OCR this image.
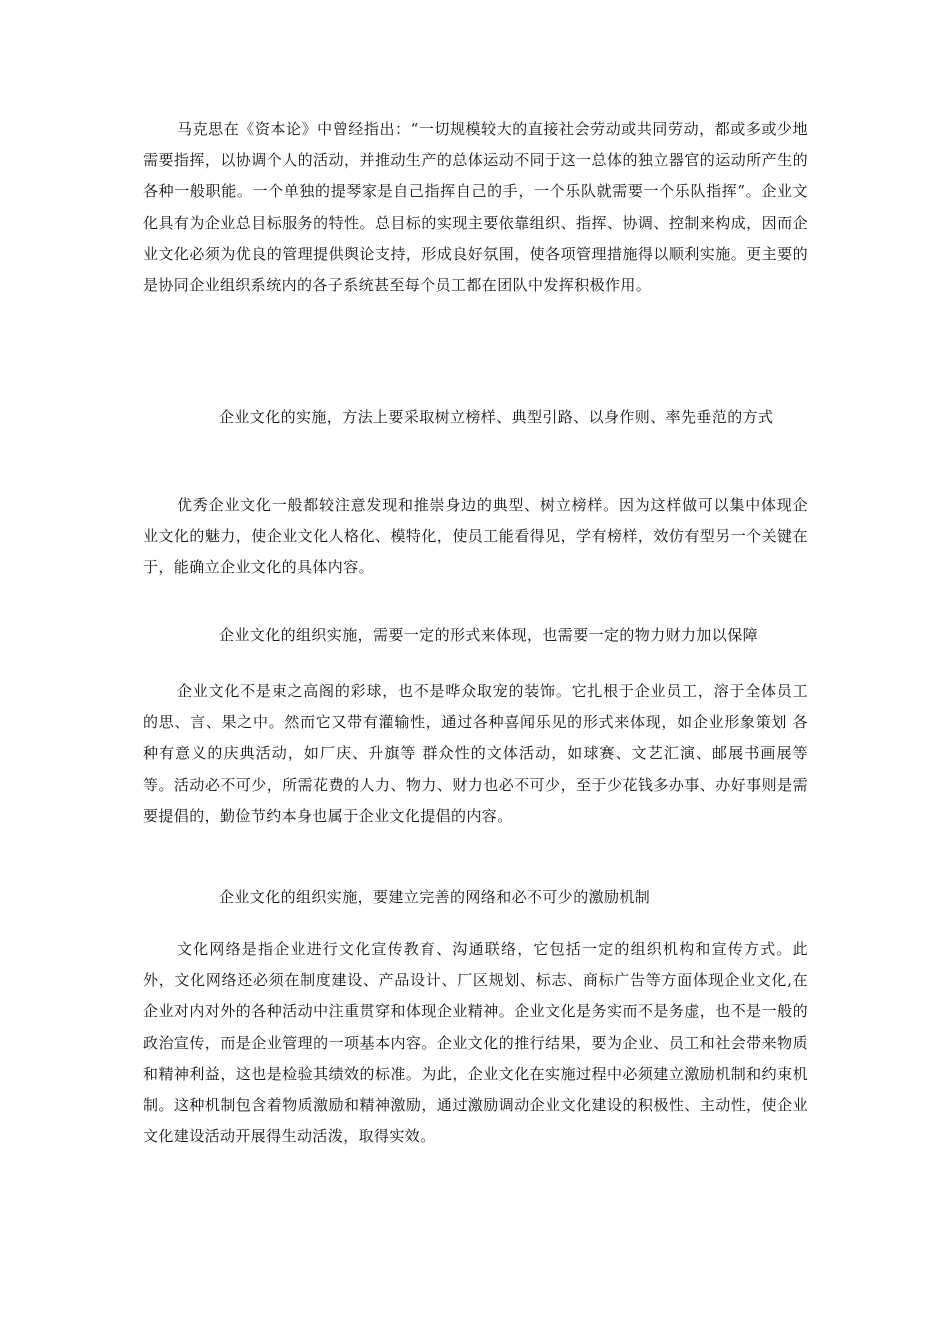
马克思在《资本论》中曾经指出：“一切规模较大的直接社会劳动或共同劳动，都或多或少地需要指挥，以协调个人的活动，并推动生产的总体运动不同于这一总体的独立器官的运动所产生的各种一般职能。一个单独的提琴家是自己指挥自己的手，一个乐队就需要一个乐队指挥”。企业文化具有为企业总目标服务的特性。总目标的实现主要依靠组织、指挥、协调、控制来构成，因而企业文化必须为优良的管理提供舆论支持，形成良好氛围，使各项管理措施得以顺利实施。更主要的是协同企业组织系统内的各子系统甚至每个员工都在团队中发挥积极作用。

企业文化的实施，方法上要采取树立榜样、典型引路、以身作则、率先垂范的方式

优秀企业文化一般都较注意发现和推崇身边的典型、树立榜样。因为这样做可以集中体现企业文化的魅力，使企业文化人格化、模特化，使员工能看得见，学有榜样，效仿有型另一个关键在于，能确立企业文化的具体内容。

企业文化的组织实施，需要一定的形式来体现，也需要一定的物力财力加以保障

企业文化不是束之高阁的彩球，也不是哗众取宠的装饰。它扎根于企业员工，溶于全体员工的思、言、果之中。然而它又带有灌输性，通过各种喜闻乐见的形式来体现，如企业形象策划 各种有意义的庆典活动，如厂庆、升旗等 群众性的文体活动，如球赛、文艺汇演、邮展书画展等等。活动必不可少，所需花费的人力、物力、财力也必不可少，至于少花钱多办事、办好事则是需要提倡的，勤俭节约本身也属于企业文化提倡的内容。

企业文化的组织实施，要建立完善的网络和必不可少的激励机制

文化网络是指企业进行文化宣传教育、沟通联络，它包括一定的组织机构和宣传方式。此外，文化网络还必须在制度建设、产品设计、厂区规划、标志、商标广告等方面体现企业文化,在企业对内对外的各种活动中注重贯穿和体现企业精神。企业文化是务实而不是务虚，也不是一般的政治宣传，而是企业管理的一项基本内容。企业文化的推行结果，要为企业、员工和社会带来物质和精神利益，这也是检验其绩效的标准。为此，企业文化在实施过程中必须建立激励机制和约束机制。这种机制包含着物质激励和精神激励，通过激励调动企业文化建设的积极性、主动性，使企业文化建设活动开展得生动活泼，取得实效。
